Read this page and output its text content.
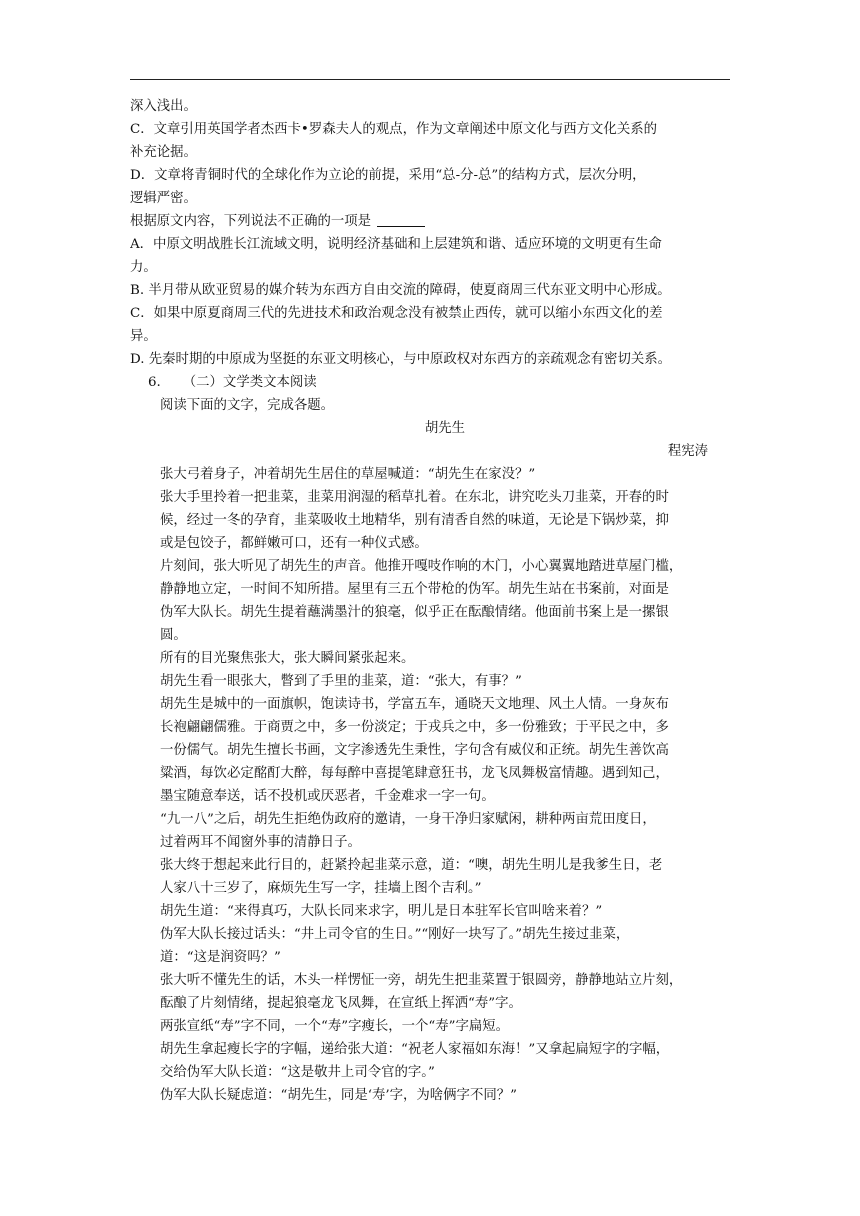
深入浅出。
C．文章引用英国学者杰西卡•罗森夫人的观点，作为文章阐述中原文化与西方文化关系的
补充论据。
D．文章将青铜时代的全球化作为立论的前提，采用“总-分-总”的结构方式，层次分明，
逻辑严密。
根据原文内容，下列说法不正确的一项是
A．中原文明战胜长江流域文明，说明经济基础和上层建筑和谐、适应环境的文明更有生命
力。
B. 半月带从欧亚贸易的媒介转为东西方自由交流的障碍，使夏商周三代东亚文明中心形成。
C．如果中原夏商周三代的先进技术和政治观念没有被禁止西传，就可以缩小东西文化的差
异。
D. 先秦时期的中原成为坚挺的东亚文明核心，与中原政权对东西方的亲疏观念有密切关系。
6. （二）文学类文本阅读
阅读下面的文字，完成各题。
胡先生
程宪涛
张大弓着身子，冲着胡先生居住的草屋喊道：“胡先生在家没？”
张大手里拎着一把韭菜，韭菜用润湿的稻草扎着。在东北，讲究吃头刀韭菜，开春的时
候，经过一冬的孕育，韭菜吸收土地精华，别有清香自然的味道，无论是下锅炒菜，抑
或是包饺子，都鲜嫩可口，还有一种仪式感。
片刻间，张大听见了胡先生的声音。他推开嘎吱作响的木门，小心翼翼地踏进草屋门槛，
静静地立定，一时间不知所措。屋里有三五个带枪的伪军。胡先生站在书案前，对面是
伪军大队长。胡先生提着蘸满墨汁的狼毫，似乎正在酝酿情绪。他面前书案上是一摞银
圆。
所有的目光聚焦张大，张大瞬间紧张起来。
胡先生看一眼张大，瞥到了手里的韭菜，道：“张大，有事？”
胡先生是城中的一面旗帜，饱读诗书，学富五车，通晓天文地理、风土人情。一身灰布
长袍翩翩儒雅。于商贾之中，多一份淡定；于戎兵之中，多一份雅致；于平民之中，多
一份儒气。胡先生擅长书画，文字渗透先生秉性，字句含有威仪和正统。胡先生善饮高
粱酒，每饮必定酩酊大醉，每每醉中喜提笔肆意狂书，龙飞凤舞极富情趣。遇到知己，
墨宝随意奉送，话不投机或厌恶者，千金难求一字一句。
“九一八”之后，胡先生拒绝伪政府的邀请，一身干净归家赋闲，耕种两亩荒田度日，
过着两耳不闻窗外事的清静日子。
张大终于想起来此行目的，赶紧拎起韭菜示意，道：“噢，胡先生明儿是我爹生日，老
人家八十三岁了，麻烦先生写一字，挂墙上图个吉利。”
胡先生道：“来得真巧，大队长同来求字，明儿是日本驻军长官叫啥来着？”
伪军大队长接过话头：“井上司令官的生日。”“刚好一块写了。”胡先生接过韭菜，
道：“这是润资吗？”
张大听不懂先生的话，木头一样愣怔一旁，胡先生把韭菜置于银圆旁，静静地站立片刻，
酝酿了片刻情绪，提起狼毫龙飞凤舞，在宣纸上挥洒“寿”字。
两张宣纸“寿”字不同，一个“寿”字瘦长，一个“寿”字扁短。
胡先生拿起瘦长字的字幅，递给张大道：“祝老人家福如东海！”又拿起扁短字的字幅，
交给伪军大队长道：“这是敬井上司令官的字。”
伪军大队长疑虑道：“胡先生，同是‘寿’字，为啥俩字不同？”
